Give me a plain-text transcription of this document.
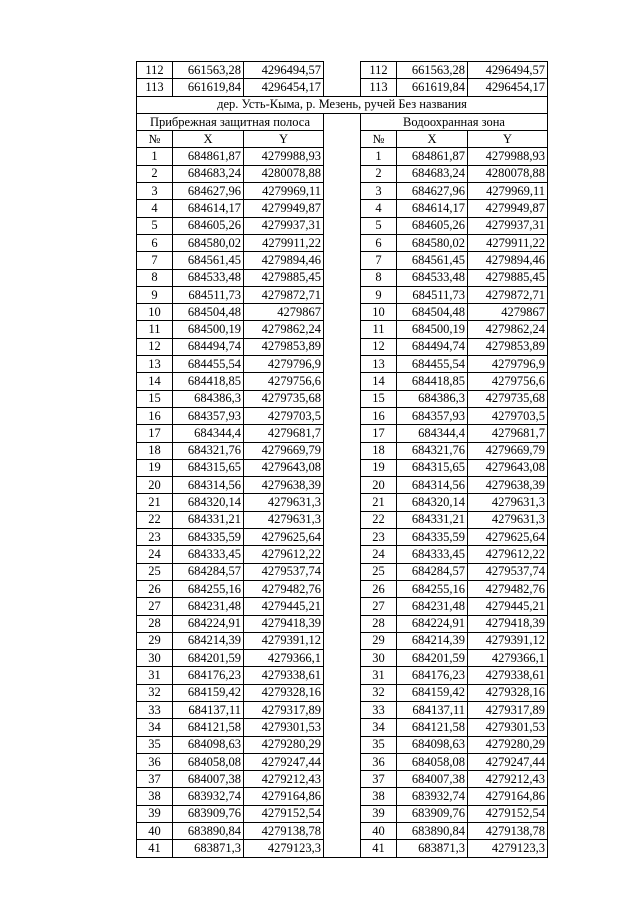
112	661563,28	4296494,57		112	661563,28	4296494,57
113	661619,84	4296454,17		113	661619,84	4296454,17
дер. Усть-Кыма, р. Мезень, ручей Без названия						
Прибрежная защитная полоса				Водоохранная зона		
№	X	Y		№	X	Y
1	684861,87	4279988,93		1	684861,87	4279988,93
2	684683,24	4280078,88		2	684683,24	4280078,88
3	684627,96	4279969,11		3	684627,96	4279969,11
4	684614,17	4279949,87		4	684614,17	4279949,87
5	684605,26	4279937,31		5	684605,26	4279937,31
6	684580,02	4279911,22		6	684580,02	4279911,22
7	684561,45	4279894,46		7	684561,45	4279894,46
8	684533,48	4279885,45		8	684533,48	4279885,45
9	684511,73	4279872,71		9	684511,73	4279872,71
10	684504,48	4279867		10	684504,48	4279867
11	684500,19	4279862,24		11	684500,19	4279862,24
12	684494,74	4279853,89		12	684494,74	4279853,89
13	684455,54	4279796,9		13	684455,54	4279796,9
14	684418,85	4279756,6		14	684418,85	4279756,6
15	684386,3	4279735,68		15	684386,3	4279735,68
16	684357,93	4279703,5		16	684357,93	4279703,5
17	684344,4	4279681,7		17	684344,4	4279681,7
18	684321,76	4279669,79		18	684321,76	4279669,79
19	684315,65	4279643,08		19	684315,65	4279643,08
20	684314,56	4279638,39		20	684314,56	4279638,39
21	684320,14	4279631,3		21	684320,14	4279631,3
22	684331,21	4279631,3		22	684331,21	4279631,3
23	684335,59	4279625,64		23	684335,59	4279625,64
24	684333,45	4279612,22		24	684333,45	4279612,22
25	684284,57	4279537,74		25	684284,57	4279537,74
26	684255,16	4279482,76		26	684255,16	4279482,76
27	684231,48	4279445,21		27	684231,48	4279445,21
28	684224,91	4279418,39		28	684224,91	4279418,39
29	684214,39	4279391,12		29	684214,39	4279391,12
30	684201,59	4279366,1		30	684201,59	4279366,1
31	684176,23	4279338,61		31	684176,23	4279338,61
32	684159,42	4279328,16		32	684159,42	4279328,16
33	684137,11	4279317,89		33	684137,11	4279317,89
34	684121,58	4279301,53		34	684121,58	4279301,53
35	684098,63	4279280,29		35	684098,63	4279280,29
36	684058,08	4279247,44		36	684058,08	4279247,44
37	684007,38	4279212,43		37	684007,38	4279212,43
38	683932,74	4279164,86		38	683932,74	4279164,86
39	683909,76	4279152,54		39	683909,76	4279152,54
40	683890,84	4279138,78		40	683890,84	4279138,78
41	683871,3	4279123,3		41	683871,3	4279123,3
